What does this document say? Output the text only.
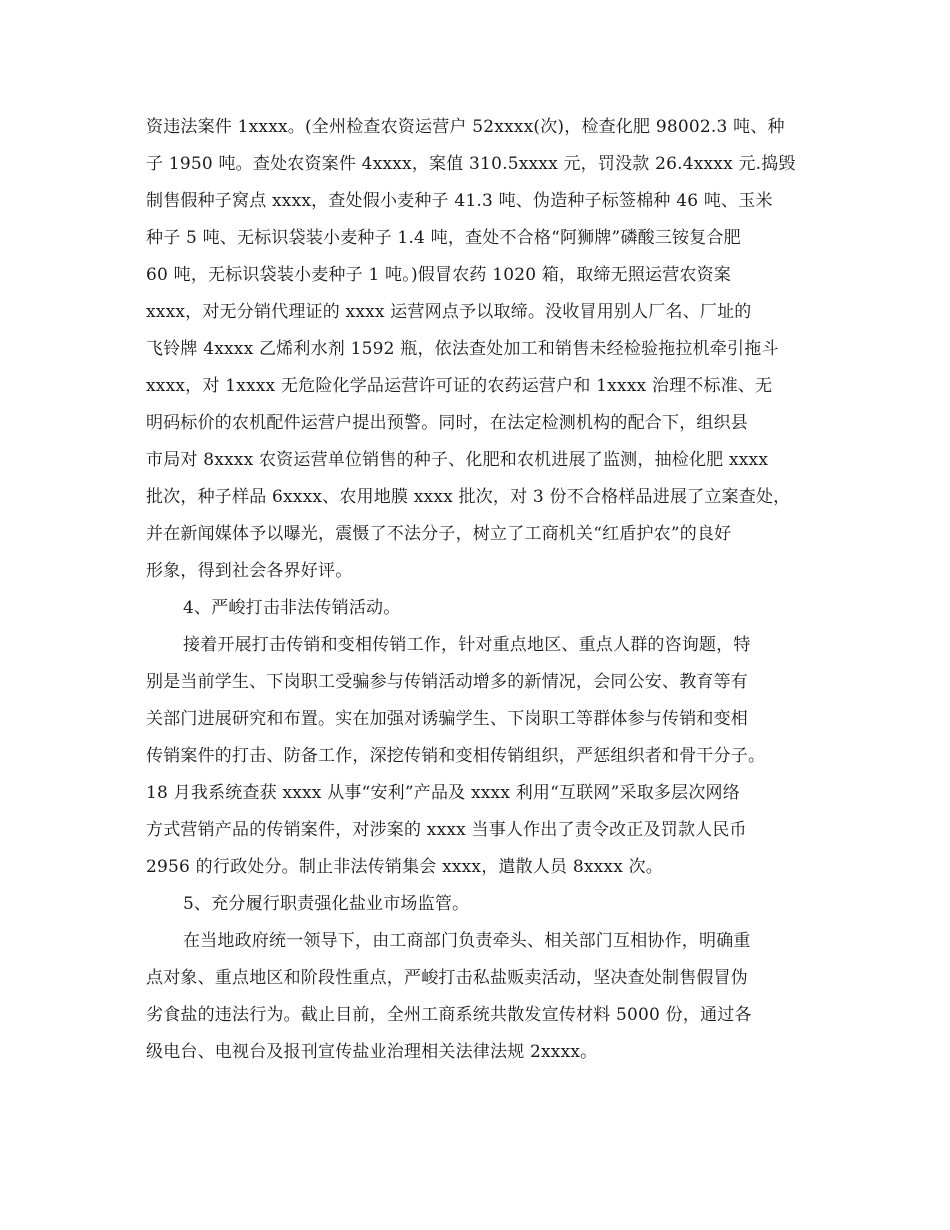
资违法案件 1xxxx。(全州检查农资运营户 52xxxx(次)，检查化肥 98002.3 吨、种
子 1950 吨。查处农资案件 4xxxx，案值 310.5xxxx 元，罚没款 26.4xxxx 元.捣毁
制售假种子窝点 xxxx，查处假小麦种子 41.3 吨、伪造种子标签棉种 46 吨、玉米
种子 5 吨、无标识袋装小麦种子 1.4 吨，查处不合格“阿狮牌”磷酸三铵复合肥
60 吨，无标识袋装小麦种子 1 吨。)假冒农药 1020 箱，取缔无照运营农资案
xxxx，对无分销代理证的 xxxx 运营网点予以取缔。没收冒用别人厂名、厂址的
飞铃牌 4xxxx 乙烯利水剂 1592 瓶，依法查处加工和销售未经检验拖拉机牵引拖斗
xxxx，对 1xxxx 无危险化学品运营许可证的农药运营户和 1xxxx 治理不标准、无
明码标价的农机配件运营户提出预警。同时，在法定检测机构的配合下，组织县
市局对 8xxxx 农资运营单位销售的种子、化肥和农机进展了监测，抽检化肥 xxxx
批次，种子样品 6xxxx、农用地膜 xxxx 批次，对 3 份不合格样品进展了立案查处，
并在新闻媒体予以曝光，震慑了不法分子，树立了工商机关“红盾护农”的良好
形象，得到社会各界好评。
4、严峻打击非法传销活动。
接着开展打击传销和变相传销工作，针对重点地区、重点人群的咨询题，特
别是当前学生、下岗职工受骗参与传销活动增多的新情况，会同公安、教育等有
关部门进展研究和布置。实在加强对诱骗学生、下岗职工等群体参与传销和变相
传销案件的打击、防备工作，深挖传销和变相传销组织，严惩组织者和骨干分子。
18 月我系统查获 xxxx 从事“安利”产品及 xxxx 利用“互联网”采取多层次网络
方式营销产品的传销案件，对涉案的 xxxx 当事人作出了责令改正及罚款人民币
2956 的行政处分。制止非法传销集会 xxxx，遣散人员 8xxxx 次。
5、充分履行职责强化盐业市场监管。
在当地政府统一领导下，由工商部门负责牵头、相关部门互相协作，明确重
点对象、重点地区和阶段性重点，严峻打击私盐贩卖活动，坚决查处制售假冒伪
劣食盐的违法行为。截止目前，全州工商系统共散发宣传材料 5000 份，通过各
级电台、电视台及报刊宣传盐业治理相关法律法规 2xxxx。
